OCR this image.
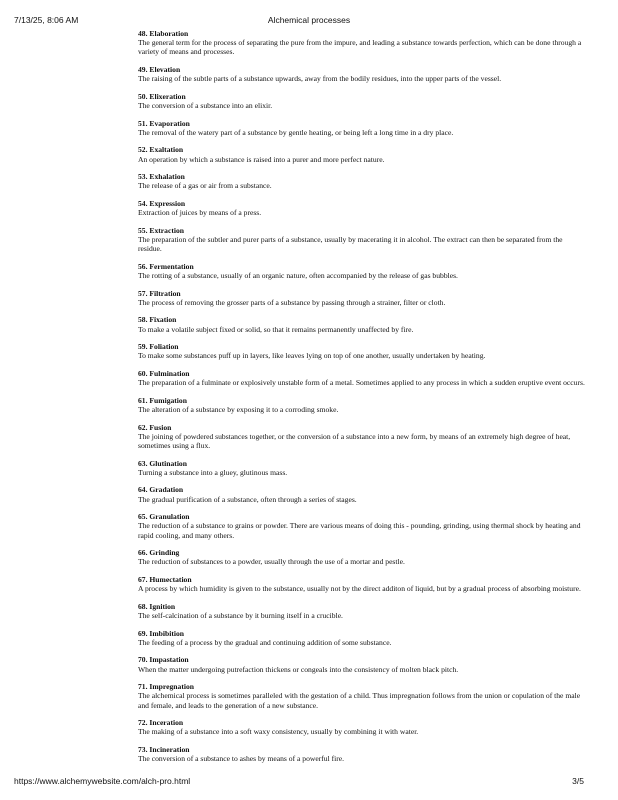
7/13/25, 8:06 AM	Alchemical processes
48. Elaboration
The general term for the process of separating the pure from the impure, and leading a substance towards perfection, which can be done through a variety of means and processes.
49. Elevation
The raising of the subtle parts of a substance upwards, away from the bodily residues, into the upper parts of the vessel.
50. Elixeration
The conversion of a substance into an elixir.
51. Evaporation
The removal of the watery part of a substance by gentle heating, or being left a long time in a dry place.
52. Exaltation
An operation by which a substance is raised into a purer and more perfect nature.
53. Exhalation
The release of a gas or air from a substance.
54. Expression
Extraction of juices by means of a press.
55. Extraction
The preparation of the subtler and purer parts of a substance, usually by macerating it in alcohol. The extract can then be separated from the residue.
56. Fermentation
The rotting of a substance, usually of an organic nature, often accompanied by the release of gas bubbles.
57. Filtration
The process of removing the grosser parts of a substance by passing through a strainer, filter or cloth.
58. Fixation
To make a volatile subject fixed or solid, so that it remains permanently unaffected by fire.
59. Foliation
To make some substances puff up in layers, like leaves lying on top of one another, usually undertaken by heating.
60. Fulmination
The preparation of a fulminate or explosively unstable form of a metal. Sometimes applied to any process in which a sudden eruptive event occurs.
61. Fumigation
The alteration of a substance by exposing it to a corroding smoke.
62. Fusion
The joining of powdered substances together, or the conversion of a substance into a new form, by means of an extremely high degree of heat, sometimes using a flux.
63. Glutination
Turning a substance into a gluey, glutinous mass.
64. Gradation
The gradual purification of a substance, often through a series of stages.
65. Granulation
The reduction of a substance to grains or powder. There are various means of doing this - pounding, grinding, using thermal shock by heating and rapid cooling, and many others.
66. Grinding
The reduction of substances to a powder, usually through the use of a mortar and pestle.
67. Humectation
A process by which humidity is given to the substance, usually not by the direct additon of liquid, but by a gradual process of absorbing moisture.
68. Ignition
The self-calcination of a substance by it burning itself in a crucible.
69. Imbibition
The feeding of a process by the gradual and continuing addition of some substance.
70. Impastation
When the matter undergoing putrefaction thickens or congeals into the consistency of molten black pitch.
71. Impregnation
The alchemical process is sometimes paralleled with the gestation of a child. Thus impregnation follows from the union or copulation of the male and female, and leads to the generation of a new substance.
72. Inceration
The making of a substance into a soft waxy consistency, usually by combining it with water.
73. Incineration
The conversion of a substance to ashes by means of a powerful fire.
https://www.alchemywebsite.com/alch-pro.html	3/5
